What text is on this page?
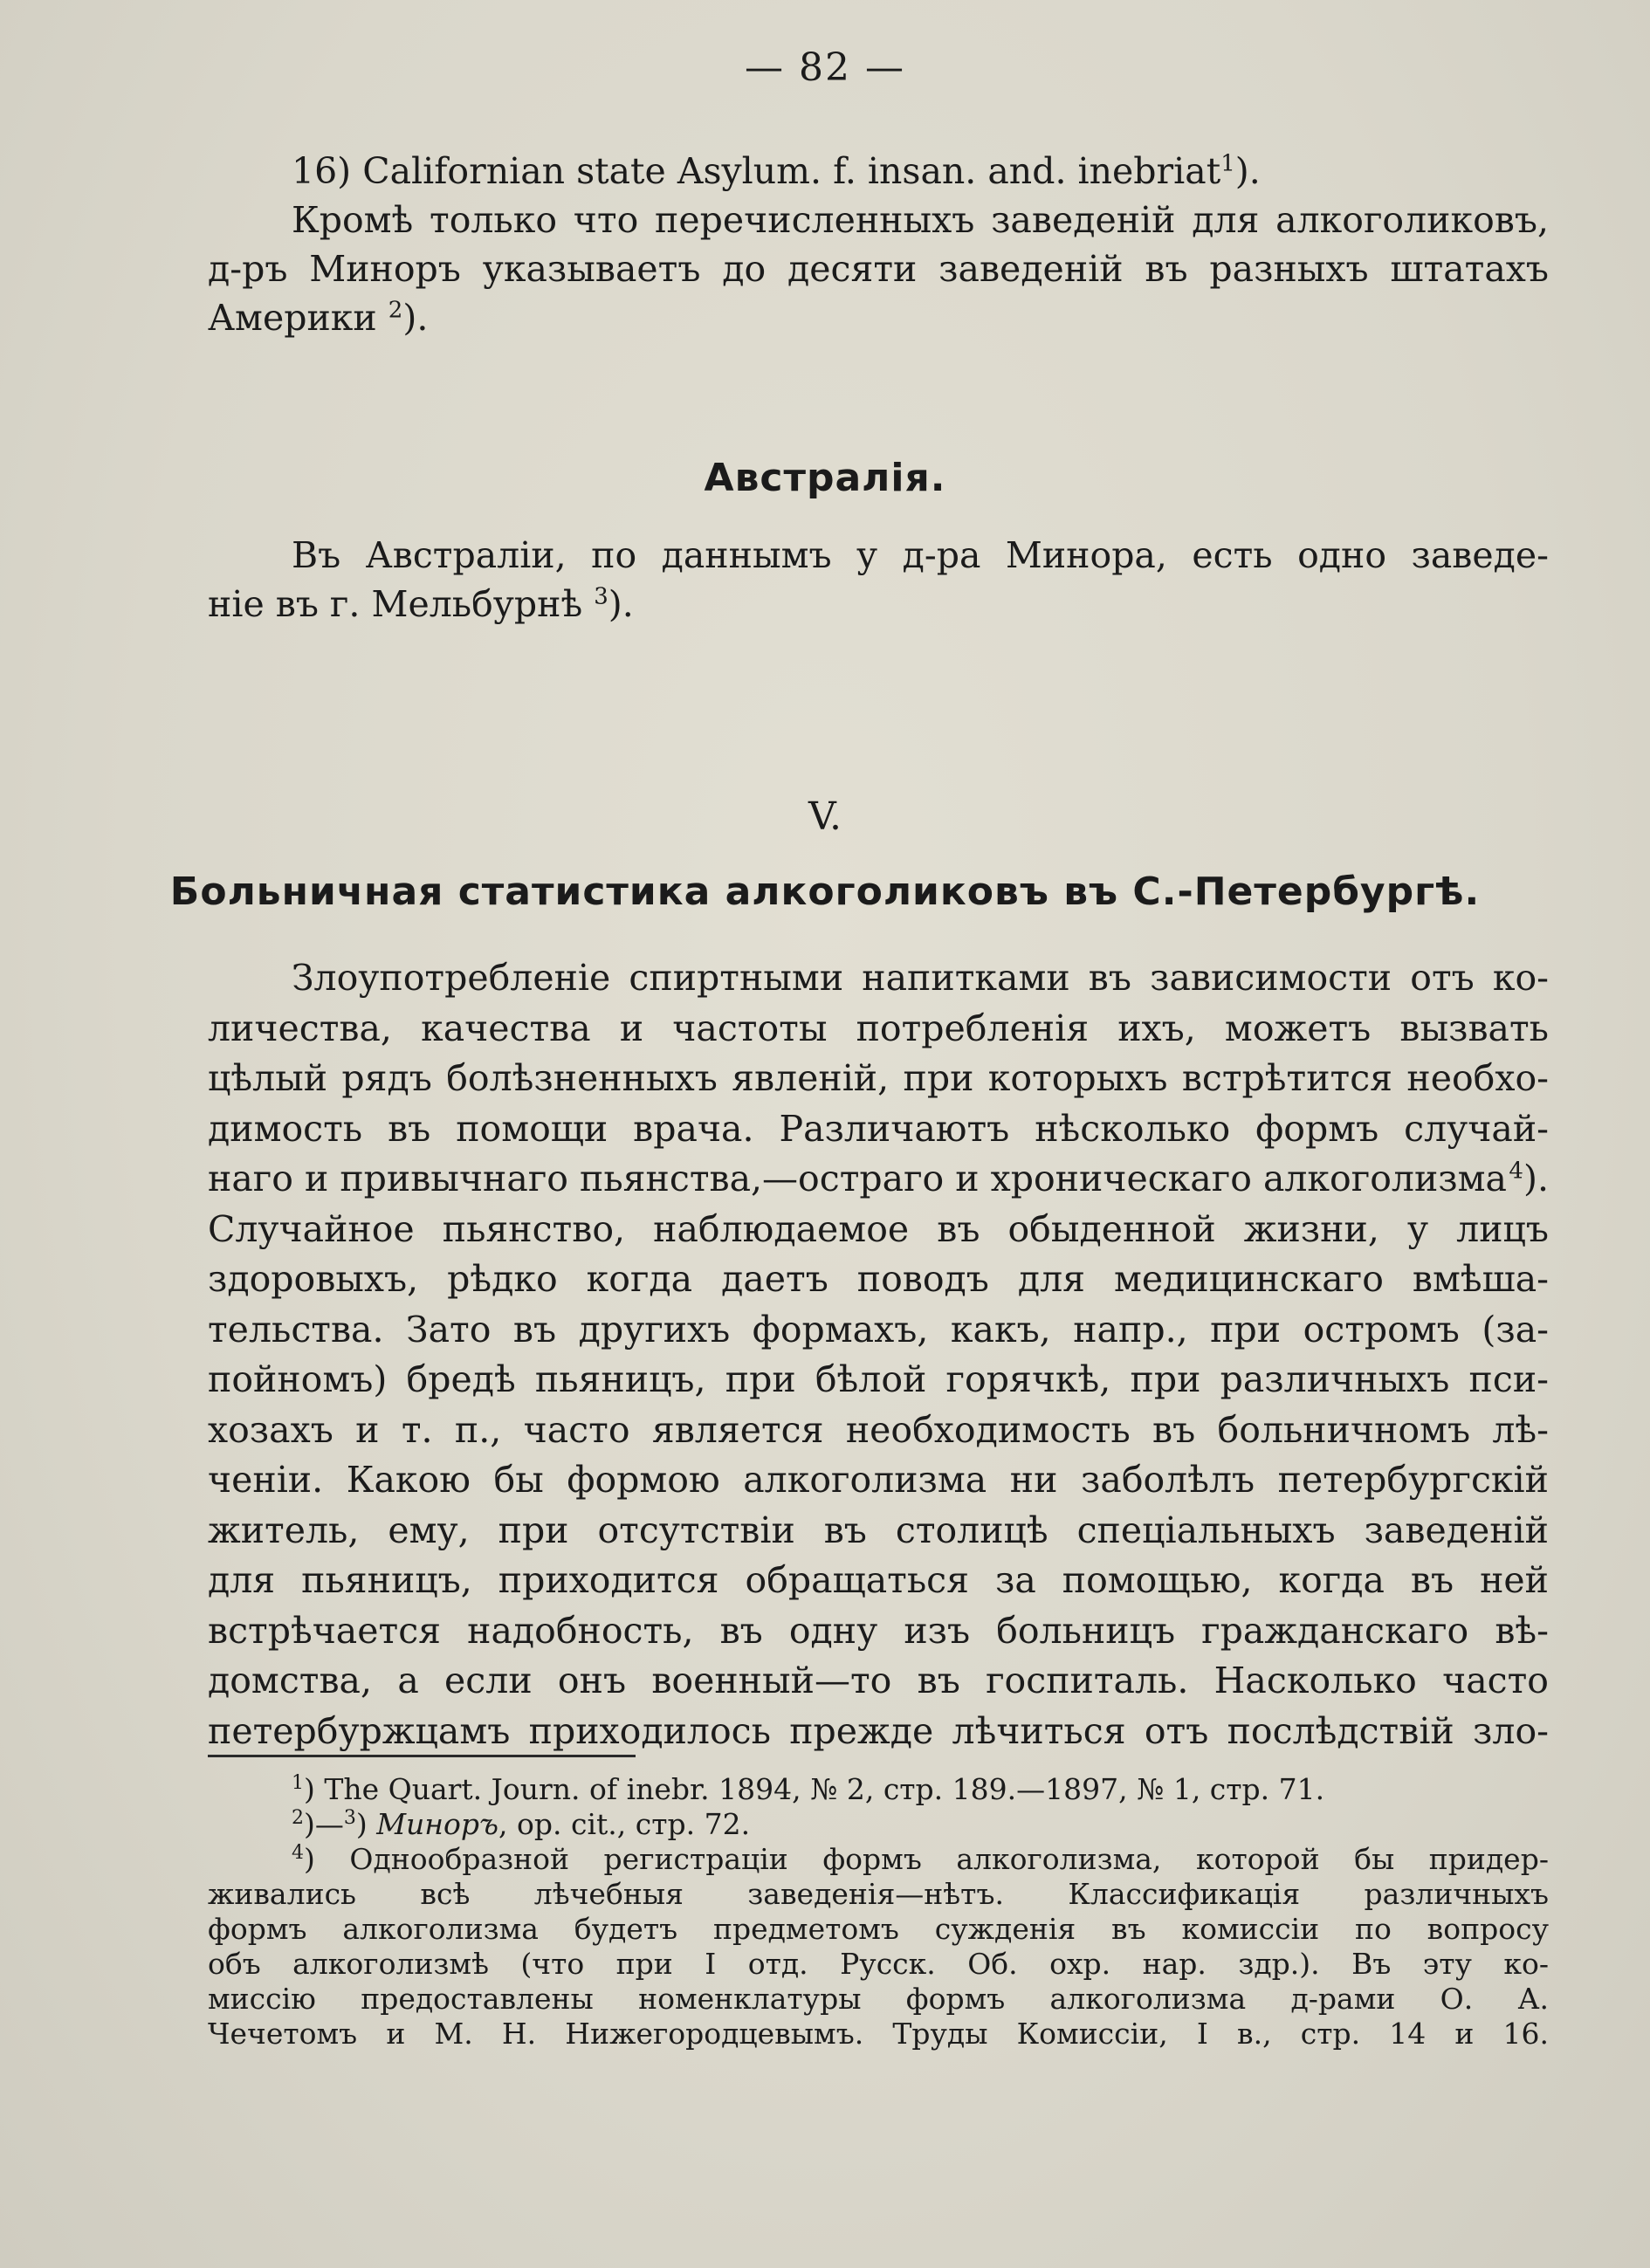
— 82 —
16) Californian state Asylum. f. insan. and. inebriat$^1$).
Кромѣ только что перечисленныхъ заведенiй для алкоголиковъ,
д-ръ Миноръ указываетъ до десяти заведенiй въ разныхъ штатахъ
Америки $^2$).
Австралiя.
Въ Австралiи, по даннымъ у д-ра Минора, есть одно заведе-
нiе въ г. Мельбурнѣ $^3$).
V.
Больничная статистика алкоголиковъ въ С.-Петербургѣ.
Злоупотребленiе спиртными напитками въ зависимости отъ ко-
личества, качества и частоты потребленiя ихъ, можетъ вызвать
цѣлый рядъ болѣзненныхъ явленiй, при которыхъ встрѣтится необхо-
димость въ помощи врача. Различаютъ нѣсколько формъ случай-
наго и привычнаго пьянства,—остраго и хроническаго алкоголизма $^4$).
Случайное пьянство, наблюдаемое въ обыденной жизни, у лицъ
здоровыхъ, рѣдко когда даетъ поводъ для медицинскаго вмѣша-
тельства. Зато въ другихъ формахъ, какъ, напр., при остромъ (за-
пойномъ) бредѣ пьяницъ, при бѣлой горячкѣ, при различныхъ пси-
хозахъ и т. п., часто является необходимость въ больничномъ лѣ-
ченiи. Какою бы формою алкоголизма ни заболѣлъ петербургскiй
житель, ему, при отсутствiи въ столицѣ спецiальныхъ заведенiй
для пьяницъ, приходится обращаться за помощью, когда въ ней
встрѣчается надобность, въ одну изъ больницъ гражданскаго вѣ-
домства, а если онъ военный—то въ госпиталь. Насколько часто
петербуржцамъ приходилось прежде лѣчиться отъ послѣдствiй зло-
$^1$) The Quart. Journ. of inebr. 1894, № 2, стр. 189.—1897, № 1, стр. 71.
$^2$)—$^3$) Миноръ, op. cit., стр. 72.
$^4$) Однообразной регистрацiи формъ алкоголизма, которой бы придер-
живались всѣ лѣчебныя заведенiя—нѣтъ. Классификацiя различныхъ
формъ алкоголизма будетъ предметомъ сужденiя въ комиссiи по вопросу
объ алкоголизмѣ (что при I отд. Русск. Об. охр. нар. здр.). Въ эту ко-
миссiю предоставлены номенклатуры формъ алкоголизма д-рами О. А.
Чечетомъ и М. Н. Нижегородцевымъ. Труды Комиссiи, I в., стр. 14 и 16.
